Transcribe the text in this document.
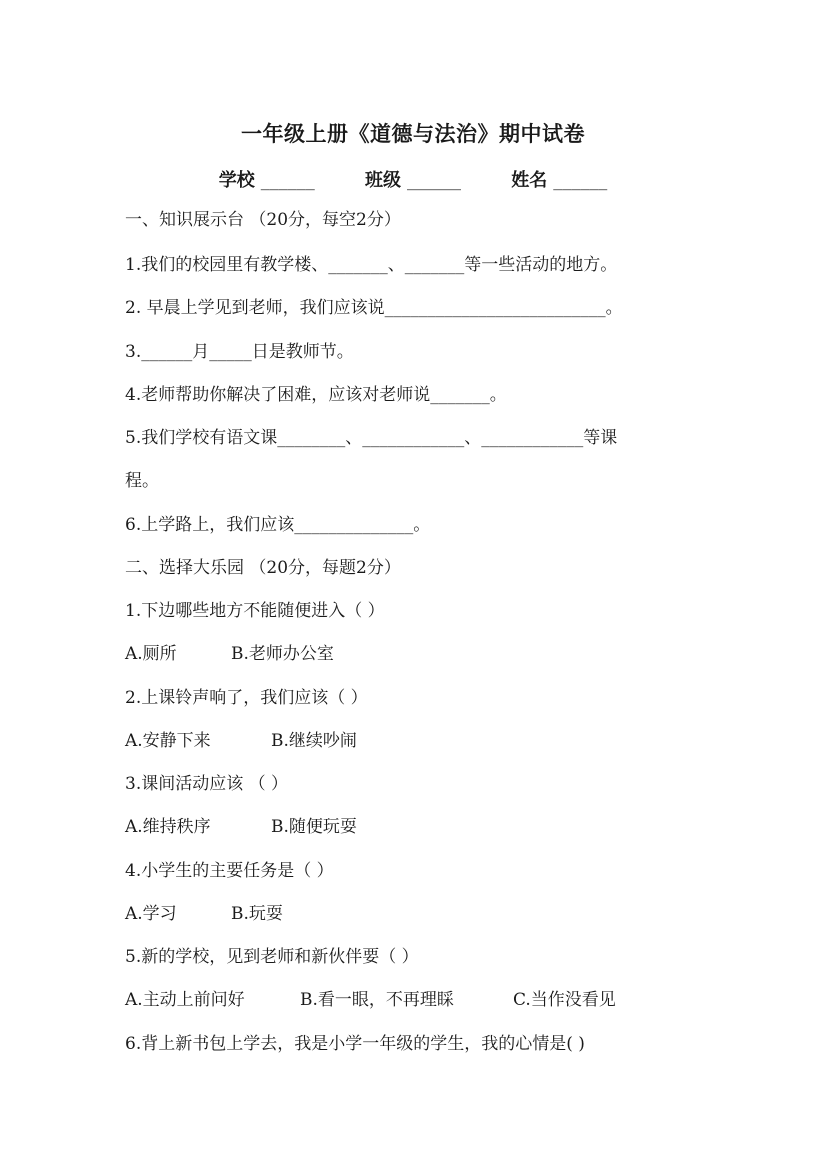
一年级上册《道德与法治》期中试卷
学校 ______	班级 ______	姓名 ______
一、知识展示台 （20分，每空2分）
1.我们的校园里有教学楼、_______、_______等一些活动的地方。
2. 早晨上学见到老师，我们应该说__________________________。
3.______月_____日是教师节。
4.老师帮助你解决了困难，应该对老师说_______。
5.我们学校有语文课________、____________、____________等课
程。
6.上学路上，我们应该______________。
二、选择大乐园 （20分，每题2分）
1.下边哪些地方不能随便进入（ ）
A.厕所	B.老师办公室
2.上课铃声响了，我们应该（ ）
A.安静下来	B.继续吵闹
3.课间活动应该 （ ）
A.维持秩序	B.随便玩耍
4.小学生的主要任务是（ ）
A.学习	B.玩耍
5.新的学校，见到老师和新伙伴要（ ）
A.主动上前问好	B.看一眼，不再理睬	C.当作没看见
6.背上新书包上学去，我是小学一年级的学生，我的心情是( )
